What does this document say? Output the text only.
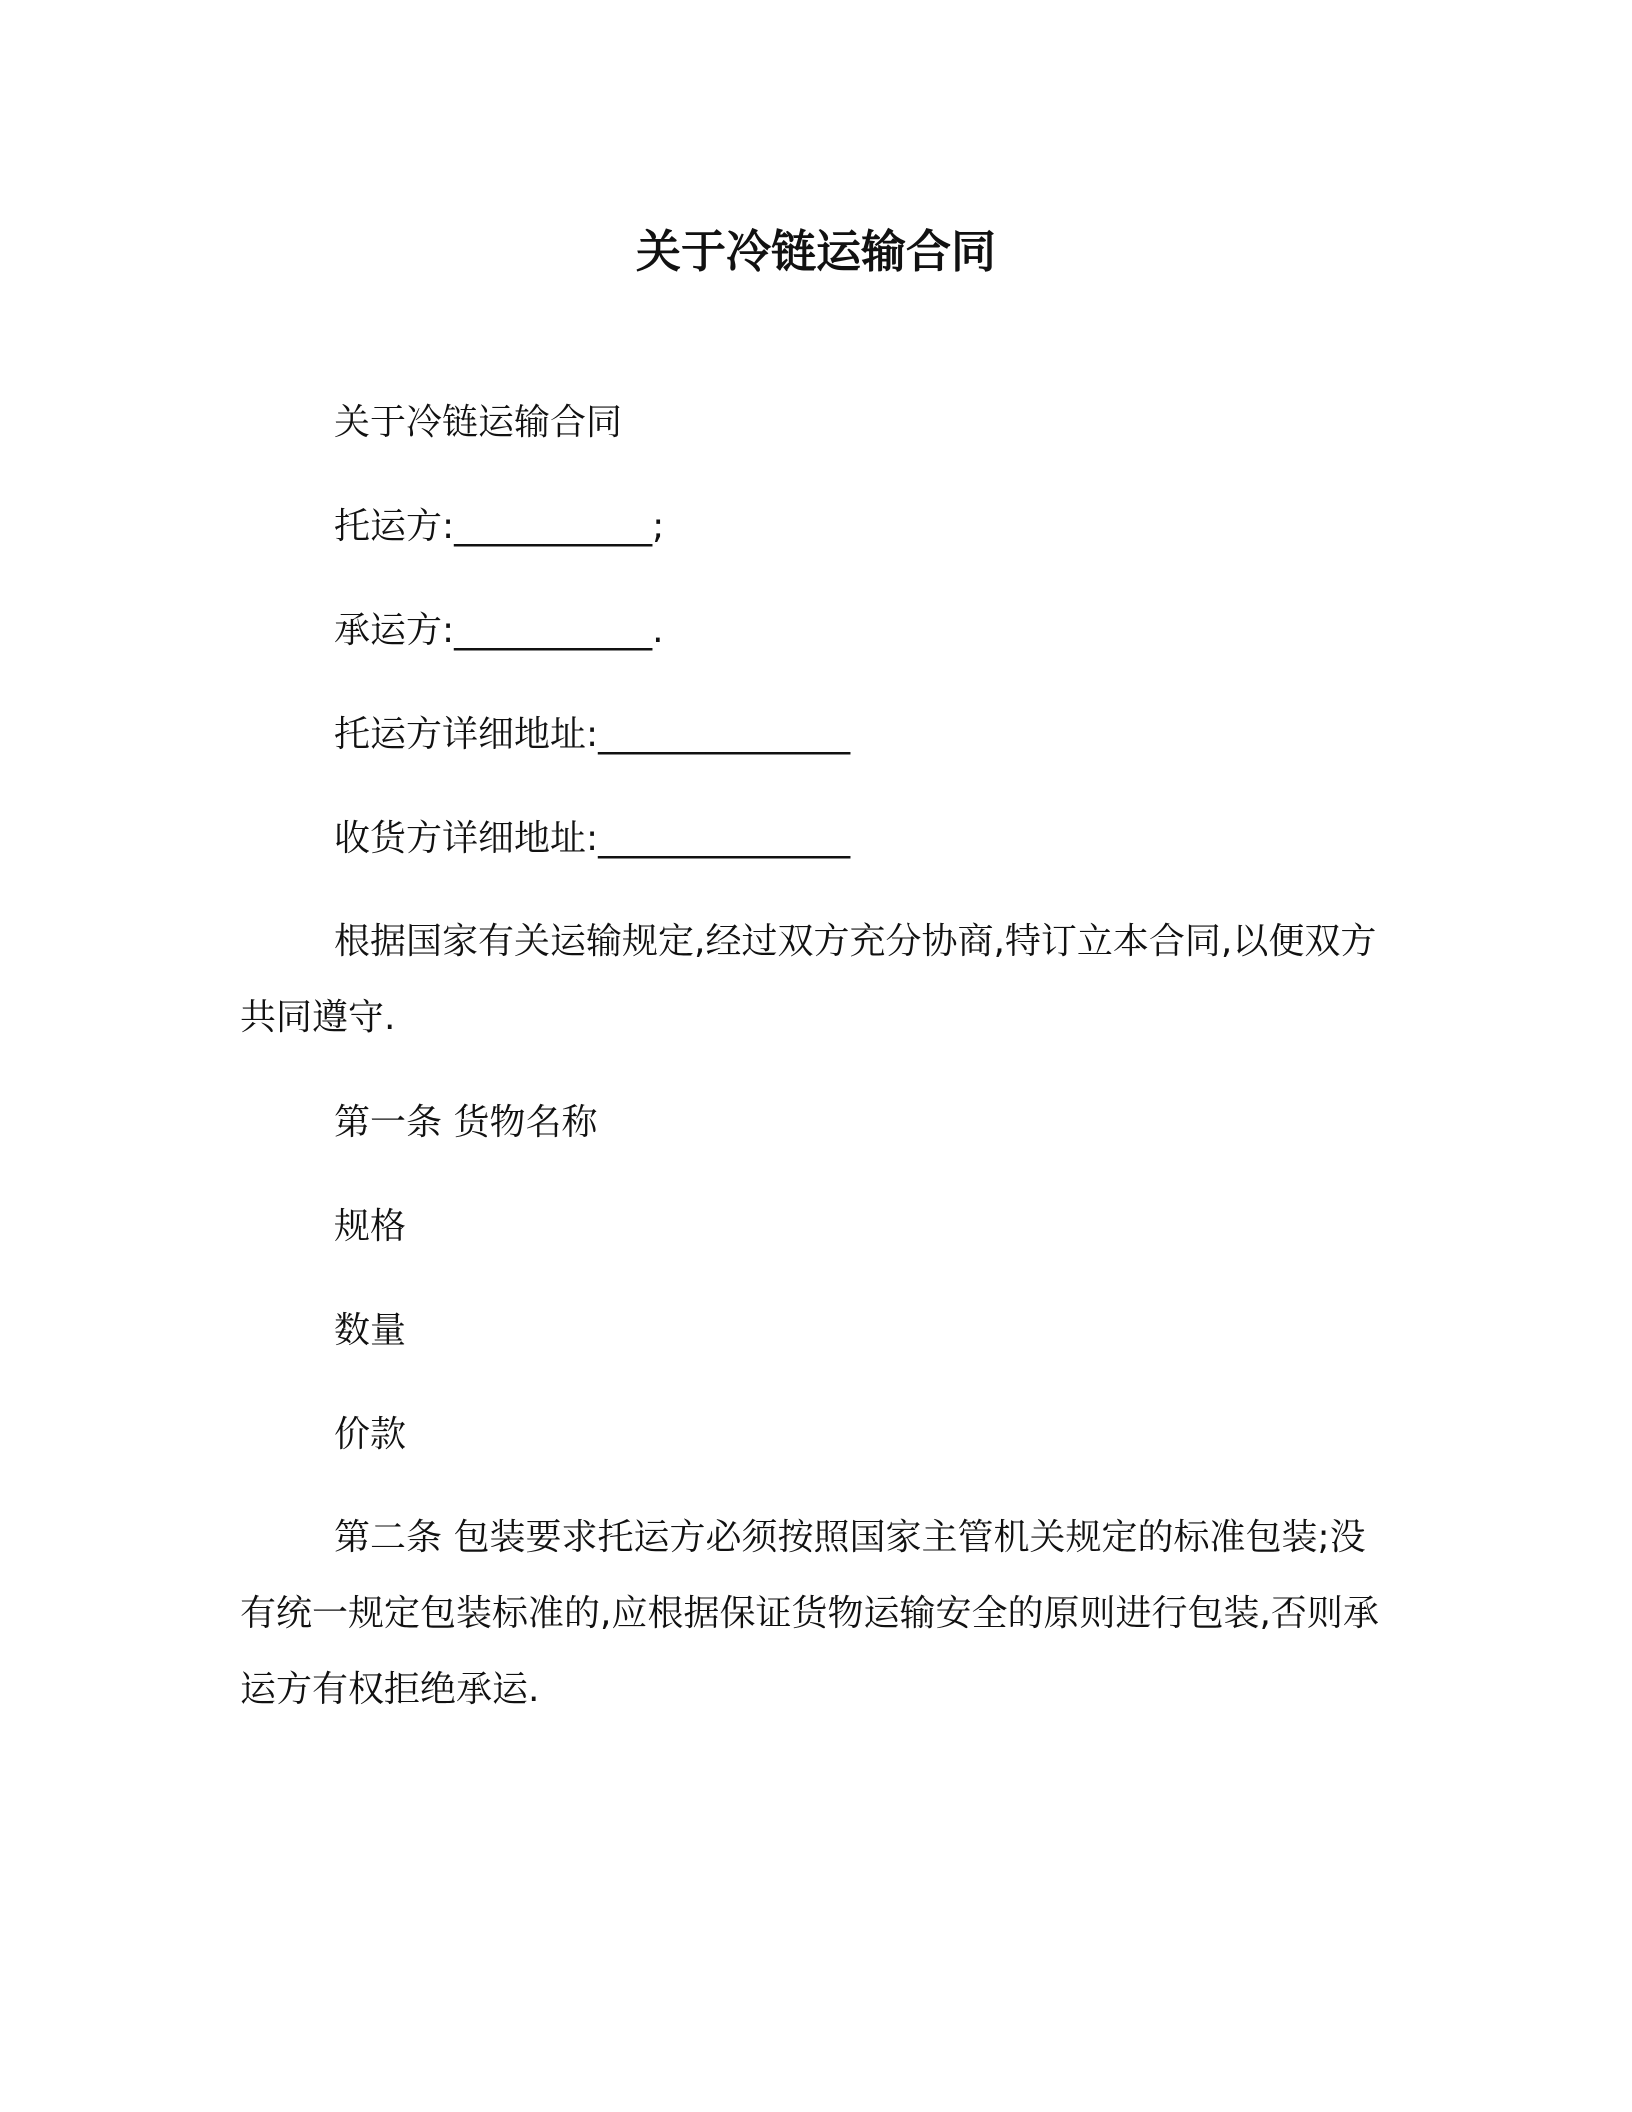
关于冷链运输合同
关于冷链运输合同
托运方:___________;
承运方:___________.
托运方详细地址:______________
收货方详细地址:______________
根据国家有关运输规定,经过双方充分协商,特订立本合同,以便双方共同遵守.
第一条 货物名称
规格
数量
价款
第二条 包装要求托运方必须按照国家主管机关规定的标准包装;没有统一规定包装标准的,应根据保证货物运输安全的原则进行包装,否则承运方有权拒绝承运.
